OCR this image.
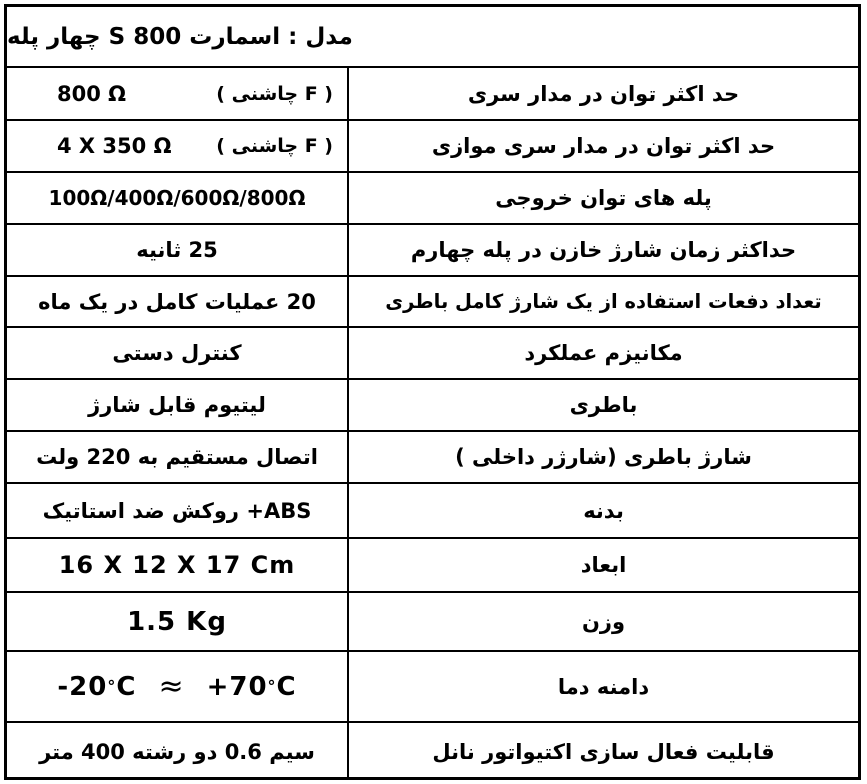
مدل : اسمارت S 800 چهار پله
800 Ω	( چاشنی F )	حد اکثر توان در مدار سری
4 X 350 Ω ( چاشنی F )	حد اکثر توان در مدار سری موازی
100Ω/400Ω/600Ω/800Ω	پله های توان خروجی
25 ثانیه	حداکثر زمان شارژ خازن در پله چهارم
20 عملیات کامل در یک ماه	تعداد دفعات استفاده از یک شارژ کامل باطری
کنترل دستی	مکانیزم عملکرد
لیتیوم قابل شارژ	باطری
اتصال مستقیم به 220 ولت	شارژ باطری (شارژر داخلی )
ABS+ روکش ضد استاتیک	بدنه
16 X 12 X 17 Cm	ابعاد
1.5 Kg	وزن
-20 ° C ≈ +70 ° C	دامنه دما
سیم 0.6 دو رشته 400 متر	قابلیت فعال سازی اکتیواتور نانل
